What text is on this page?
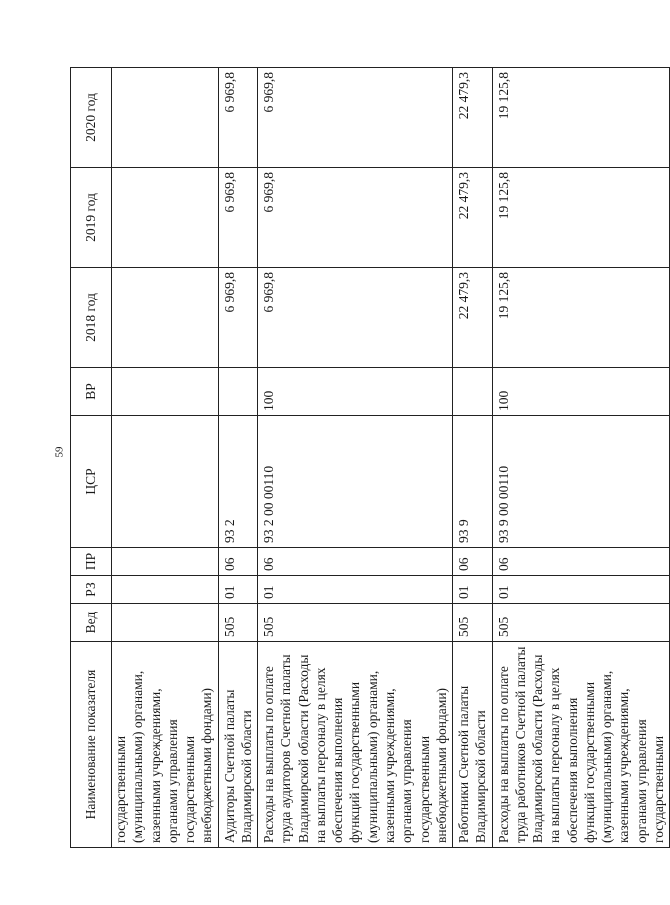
59
Наименование показателя	Вед	РЗ	ПР	ЦСР	ВР	2018 год	2019 год	2020 год
государственными (муниципальными) органами, казенными учреждениями, органами управления государственными внебюджетными фондами)								
Аудиторы Счетной палаты Владимирской области	505	01	06	93 2		6 969,8	6 969,8	6 969,8
Расходы на выплаты по оплате труда аудиторов Счетной палаты Владимирской области (Расходы на выплаты персоналу в целях обеспечения выполнения функций государственными (муниципальными) органами, казенными учреждениями, органами управления государственными внебюджетными фондами)	505	01	06	93 2 00 00110	100	6 969,8	6 969,8	6 969,8
Работники Счетной палаты Владимирской области	505	01	06	93 9		22 479,3	22 479,3	22 479,3
Расходы на выплаты по оплате труда работников Счетной палаты Владимирской области (Расходы на выплаты персоналу в целях обеспечения выполнения функций государственными (муниципальными) органами, казенными учреждениями, органами управления государственными	505	01	06	93 9 00 00110	100	19 125,8	19 125,8	19 125,8
